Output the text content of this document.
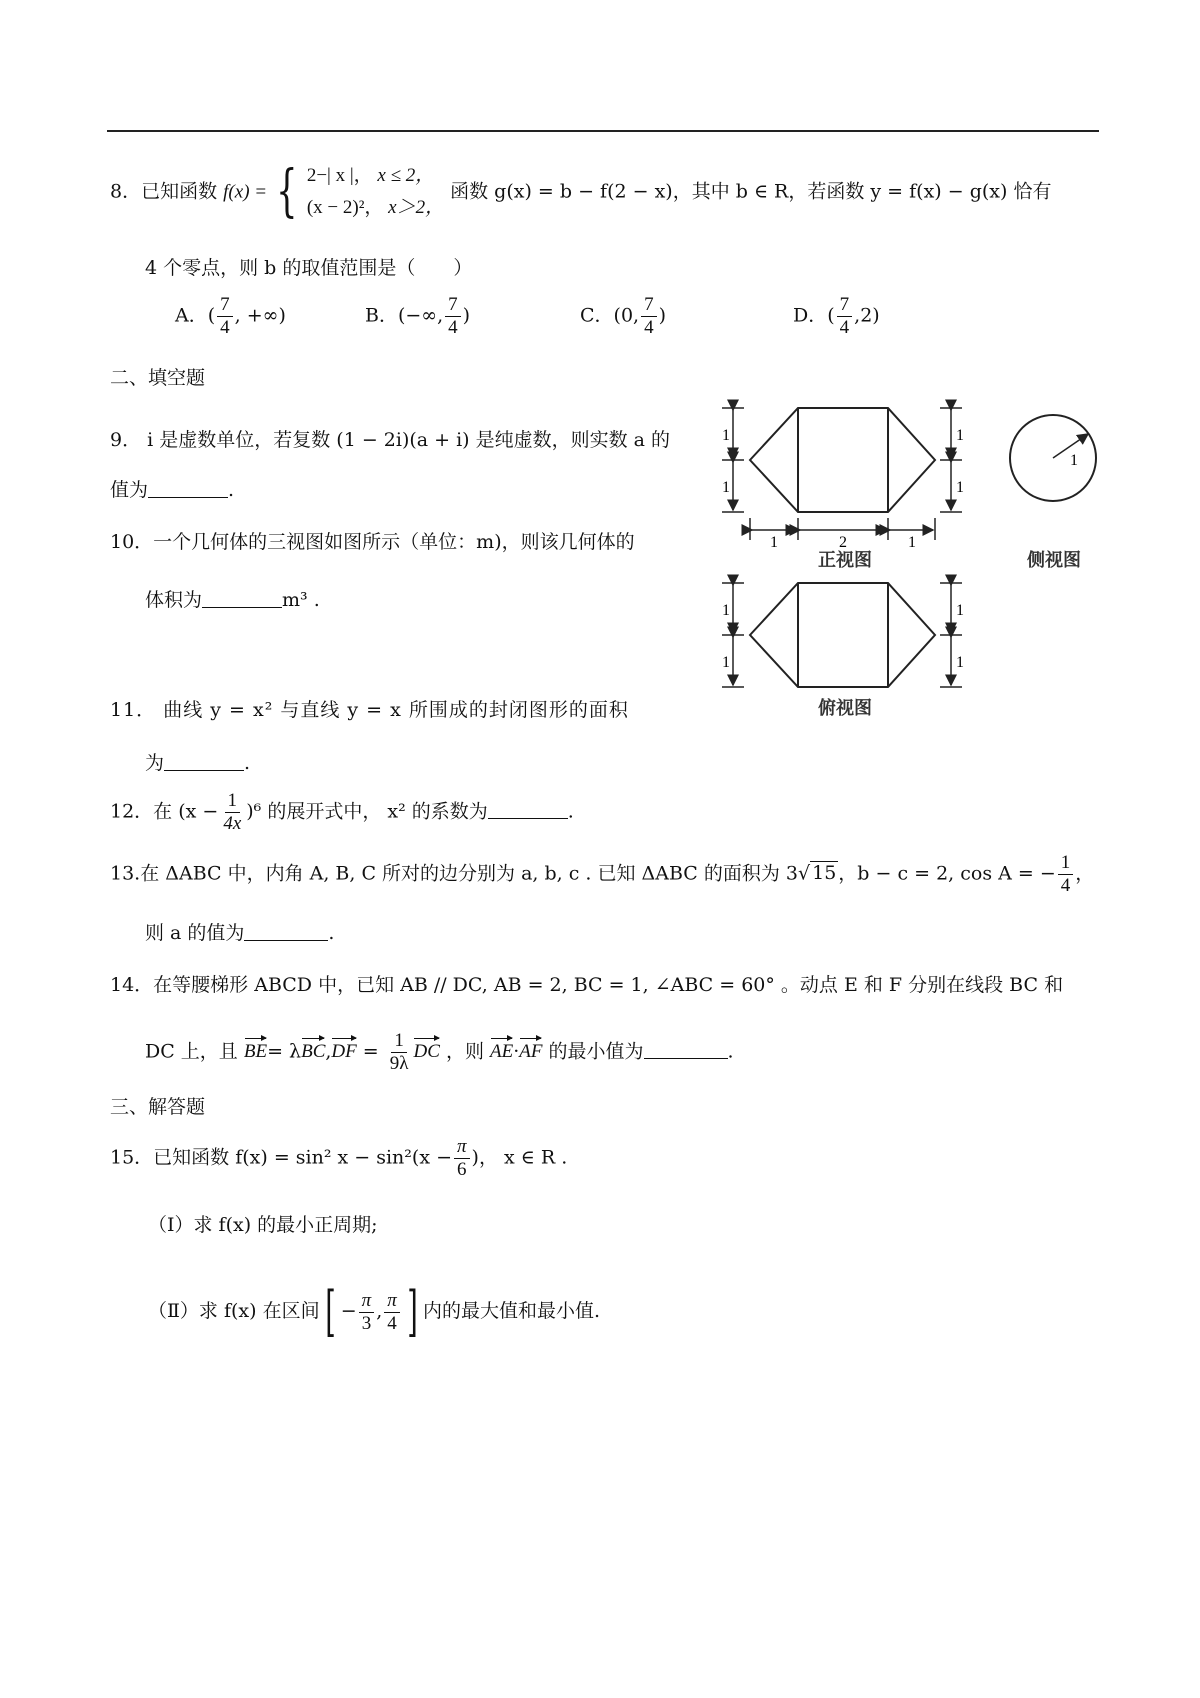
8．已知函数 f(x) = { 2−| x |， x ≤ 2，
(x − 2)²， x＞2，
函数 g(x) = b − f(2 − x)，其中 b ∈ R，若函数 y = f(x) − g(x) 恰有
4 个零点，则 b 的取值范围是（　　）
A．( $\frac{7}{4}$ , +∞)	B．(−∞, $\frac{7}{4}$ )	C．(0, $\frac{7}{4}$ )	D．( $\frac{7}{4} ,2$)
二、填空题
9． i 是虚数单位，若复数 (1 − 2i)(a + i) 是纯虚数，则实数 a 的
值为	.
10．一个几何体的三视图如图所示（单位：m)，则该几何体的
体积为	m³ .
11． 曲线 y = x² 与直线 y = x 所围成的封闭图形的面积
为	.
12．在 $(x - \frac{1}{4x} )^6$ 的展开式中， x² 的系数为	.
13.在 ΔABC 中，内角 A, B, C 所对的边分别为 a, b, c . 已知 ΔABC 的面积为 3√ 15 ，b − c = 2, cos A = − $\frac{1}{4}$ ，
则 a 的值为	.
14．在等腰梯形 ABCD 中，已知 AB // DC, AB = 2, BC = 1, ∠ABC = 60° 。动点 E 和 F 分别在线段 BC 和
DC 上，且 $BE= \lambda BC,DF = \frac{1}{9\lambda}$ DC ，则 AE·AF 的最小值为	.
三、解答题
15．已知函数 f(x) = sin² $x - \sin^2(x - \frac{\pi}{6}$ )， x ∈ R .
（Ⅰ）求 f(x) 的最小正周期;
（Ⅱ）求 f(x) 在区间 [ − $\frac{\pi}{3}$ , $\frac{\pi}{4}$ ] 内的最大值和最小值.
1
1
1
1
1	2	1
正视图
1
侧视图
1
1
1
1
俯视图
